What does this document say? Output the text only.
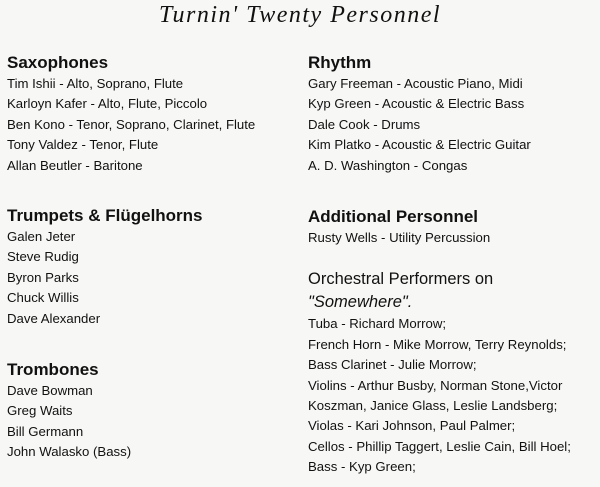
Turnin' Twenty Personnel
Saxophones
Tim Ishii - Alto, Soprano, Flute
Karloyn Kafer - Alto, Flute, Piccolo
Ben Kono - Tenor, Soprano, Clarinet, Flute
Tony Valdez - Tenor, Flute
Allan Beutler - Baritone
Trumpets & Flügelhorns
Galen Jeter
Steve Rudig
Byron Parks
Chuck Willis
Dave Alexander
Trombones
Dave Bowman
Greg Waits
Bill Germann
John Walasko (Bass)
Rhythm
Gary Freeman - Acoustic Piano, Midi
Kyp Green - Acoustic & Electric Bass
Dale Cook - Drums
Kim Platko - Acoustic & Electric Guitar
A. D. Washington - Congas
Additional Personnel
Rusty Wells - Utility Percussion
Orchestral Performers on
"Somewhere".
Tuba - Richard Morrow;
French Horn - Mike Morrow, Terry Reynolds;
Bass Clarinet - Julie Morrow;
Violins - Arthur Busby, Norman Stone,Victor
Koszman, Janice Glass, Leslie Landsberg;
Violas - Kari Johnson, Paul Palmer;
Cellos - Phillip Taggert, Leslie Cain, Bill Hoel;
Bass - Kyp Green;
